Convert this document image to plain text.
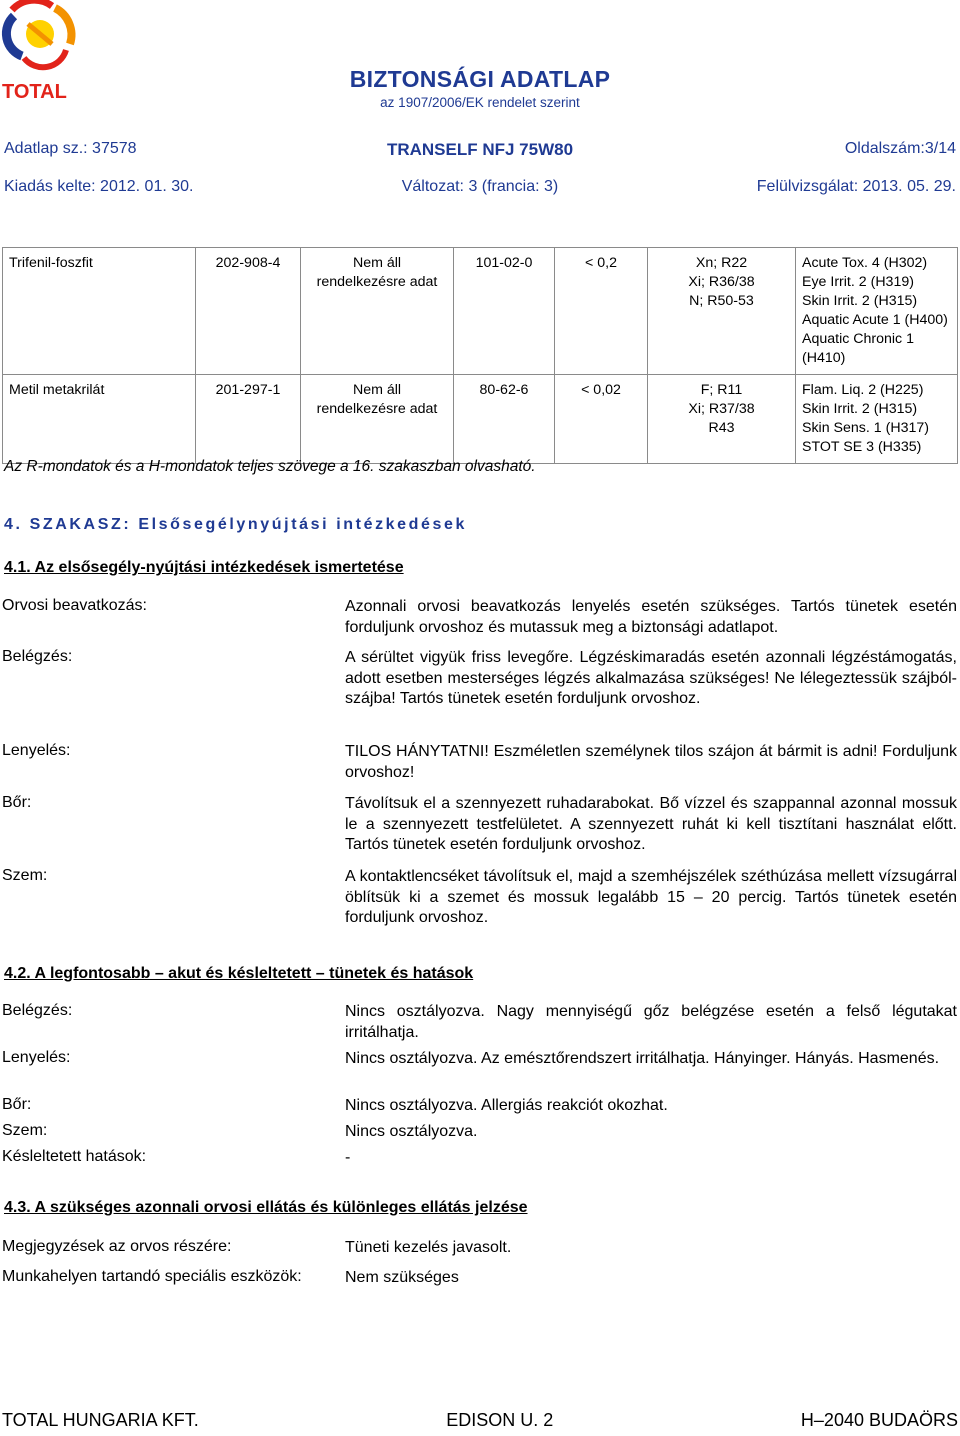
TOTAL	BIZTONSÁGI ADATLAP
az 1907/2006/EK rendelet szerint
Adatlap sz.: 37578	TRANSELF NFJ 75W80	Oldalszám:3/14
Kiadás kelte: 2012. 01. 30.	Változat: 3 (francia: 3)	Felülvizsgálat: 2013. 05. 29.
Trifenil-foszfit	202-908-4	Nem áll
rendelkezésre adat	101-02-0	< 0,2	Xn; R22
Xi; R36/38
N; R50-53	Acute Tox. 4 (H302)
Eye Irrit. 2 (H319)
Skin Irrit. 2 (H315)
Aquatic Acute 1 (H400)
Aquatic Chronic 1 (H410)

Metil metakrilát	201-297-1	Nem áll
rendelkezésre adat	80-62-6	< 0,02	F; R11
Xi; R37/38
R43	Flam. Liq. 2 (H225)
Skin Irrit. 2 (H315)
Skin Sens. 1 (H317)
STOT SE 3 (H335)
Az R-mondatok és a H-mondatok teljes szövege a 16. szakaszban olvasható.
4. SZAKASZ: Elsősegélynyújtási intézkedések
4.1. Az elsősegély-nyújtási intézkedések ismertetése
Orvosi beavatkozás:	Azonnali orvosi beavatkozás lenyelés esetén szükséges. Tartós tünetek esetén forduljunk orvoshoz és mutassuk meg a biztonsági adatlapot.
Belégzés:	A sérültet vigyük friss levegőre. Légzéskimaradás esetén azonnali légzéstámogatás, adott esetben mesterséges légzés alkalmazása szükséges! Ne lélegeztessük szájból-szájba! Tartós tünetek esetén forduljunk orvoshoz.
Lenyelés:	TILOS HÁNYTATNI! Eszméletlen személynek tilos szájon át bármit is adni! Forduljunk orvoshoz!
Bőr:	Távolítsuk el a szennyezett ruhadarabokat. Bő vízzel és szappannal azonnal mossuk le a szennyezett testfelületet. A szennyezett ruhát ki kell tisztítani használat előtt. Tartós tünetek esetén forduljunk orvoshoz.
Szem:	A kontaktlencséket távolítsuk el, majd a szemhéjszélek széthúzása mellett vízsugárral öblítsük ki a szemet és mossuk legalább 15 – 20 percig. Tartós tünetek esetén forduljunk orvoshoz.
4.2. A legfontosabb – akut és késleltetett – tünetek és hatások
Belégzés:	Nincs osztályozva. Nagy mennyiségű gőz belégzése esetén a felső légutakat irritálhatja.
Lenyelés:	Nincs osztályozva. Az emésztőrendszert irritálhatja. Hányinger. Hányás. Hasmenés.
Bőr:	Nincs osztályozva. Allergiás reakciót okozhat.
Szem:	Nincs osztályozva.
Késleltetett hatások:	-
4.3. A szükséges azonnali orvosi ellátás és különleges ellátás jelzése
Megjegyzések az orvos részére:	Tüneti kezelés javasolt.
Munkahelyen tartandó speciális eszközök:	Nem szükséges
TOTAL HUNGARIA KFT.	EDISON U. 2	H–2040 BUDAÖRS
